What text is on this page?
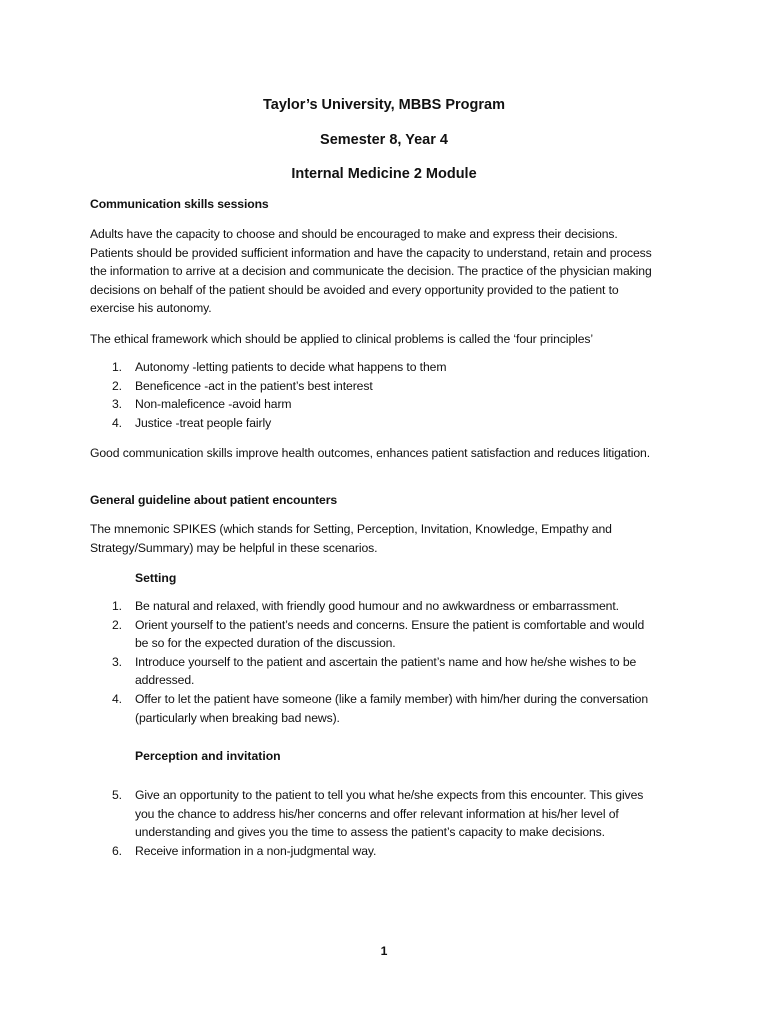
Taylor’s University, MBBS Program
Semester 8, Year 4
Internal Medicine 2 Module
Communication skills sessions
Adults have the capacity to choose and should be encouraged to make and express their decisions. Patients should be provided sufficient information and have the capacity to understand, retain and process the information to arrive at a decision and communicate the decision. The practice of the physician making decisions on behalf of the patient should be avoided and every opportunity provided to the patient to exercise his autonomy.
The ethical framework which should be applied to clinical problems is called the ‘four principles’
1. Autonomy -letting patients to decide what happens to them
2. Beneficence -act in the patient’s best interest
3. Non-maleficence -avoid harm
4. Justice -treat people fairly
Good communication skills improve health outcomes, enhances patient satisfaction and reduces litigation.
General guideline about patient encounters
The mnemonic SPIKES (which stands for Setting, Perception, Invitation, Knowledge, Empathy and Strategy/Summary) may be helpful in these scenarios.
Setting
1. Be natural and relaxed, with friendly good humour and no awkwardness or embarrassment.
2. Orient yourself to the patient’s needs and concerns. Ensure the patient is comfortable and would be so for the expected duration of the discussion.
3. Introduce yourself to the patient and ascertain the patient’s name and how he/she wishes to be addressed.
4. Offer to let the patient have someone (like a family member) with him/her during the conversation (particularly when breaking bad news).
Perception and invitation
5. Give an opportunity to the patient to tell you what he/she expects from this encounter. This gives you the chance to address his/her concerns and offer relevant information at his/her level of understanding and gives you the time to assess the patient’s capacity to make decisions.
6. Receive information in a non-judgmental way.
1
